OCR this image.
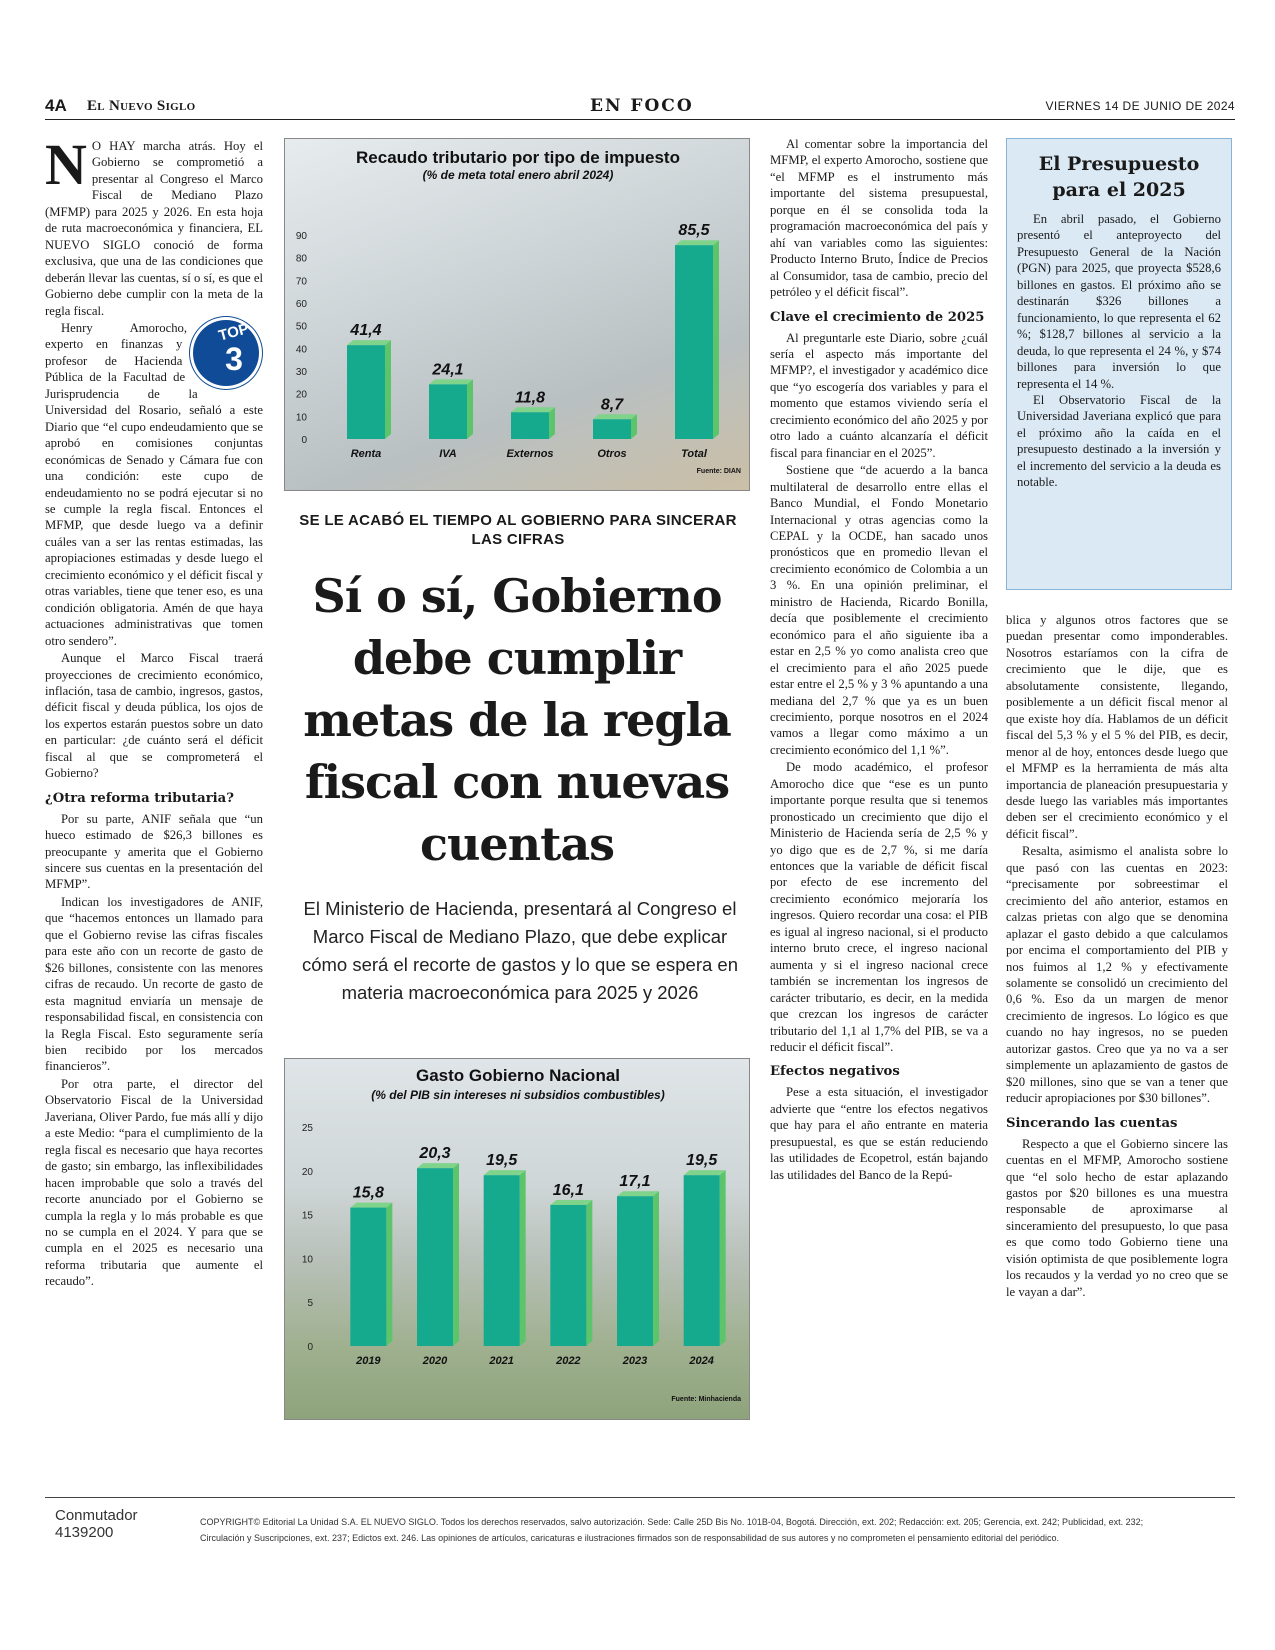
4A El Nuevo Siglo	EN FOCO	VIERNES 14 DE JUNIO DE 2024

N O HAY marcha atrás. Hoy el Gobierno se comprometió a presentar al Congreso el Marco Fiscal de Mediano Plazo (MFMP) para 2025 y 2026. En esta hoja de ruta macroeconómica y financiera, EL NUEVO SIGLO conoció de forma exclusiva, que una de las condiciones que deberán llevar las cuentas, sí o sí, es que el Gobierno debe cumplir con la meta de la regla fiscal.

TOP
3
Henry Amorocho, experto en finanzas y profesor de Hacienda Pública de la Facultad de Jurisprudencia de la Universidad del Rosario, señaló a este Diario que “el cupo endeudamiento que se aprobó en comisiones conjuntas económicas de Senado y Cámara fue con una condición: este cupo de endeudamiento no se podrá ejecutar si no se cumple la regla fiscal. Entonces el MFMP, que desde luego va a definir cuáles van a ser las rentas estimadas, las apropiaciones estimadas y desde luego el crecimiento económico y el déficit fiscal y otras variables, tiene que tener eso, es una condición obligatoria. Amén de que haya actuaciones administrativas que tomen otro sendero”.

Aunque el Marco Fiscal traerá proyecciones de crecimiento económico, inflación, tasa de cambio, ingresos, gastos, déficit fiscal y deuda pública, los ojos de los expertos estarán puestos sobre un dato en particular: ¿de cuánto será el déficit fiscal al que se comprometerá el Gobierno?

¿Otra reforma tributaria?

Por su parte, ANIF señala que “un hueco estimado de $26,3 billones es preocupante y amerita que el Gobierno sincere sus cuentas en la presentación del MFMP”.

Indican los investigadores de ANIF, que “hacemos entonces un llamado para que el Gobierno revise las cifras fiscales para este año con un recorte de gasto de $26 billones, consistente con las menores cifras de recaudo. Un recorte de gasto de esta magnitud enviaría un mensaje de responsabilidad fiscal, en consistencia con la Regla Fiscal. Esto seguramente sería bien recibido por los mercados financieros”.

Por otra parte, el director del Observatorio Fiscal de la Universidad Javeriana, Oliver Pardo, fue más allí y dijo a este Medio: “para el cumplimiento de la regla fiscal es necesario que haya recortes de gasto; sin embargo, las inflexibilidades hacen improbable que solo a través del recorte anunciado por el Gobierno se cumpla la regla y lo más probable es que no se cumpla en el 2024. Y para que se cumpla en el 2025 es necesario una reforma tributaria que aumente el recaudo”.

Recaudo tributario por tipo de impuesto
(% de meta total enero abril 2024)
0
10
20
30
40
50
60
70
80
90
41,4
Renta
24,1
IVA
11,8
Externos
8,7
Otros
85,5
Total
Fuente: DIAN
SE LE ACABÓ EL TIEMPO AL GOBIERNO PARA SINCERAR LAS CIFRAS
Sí o sí, Gobierno debe cumplir metas de la regla fiscal con nuevas cuentas
El Ministerio de Hacienda, presentará al Congreso el Marco Fiscal de Mediano Plazo, que debe explicar cómo será el recorte de gastos y lo que se espera en materia macroeconómica para 2025 y 2026
Gasto Gobierno Nacional
(% del PIB sin intereses ni subsidios combustibles)
0
5
10
15
20
25
15,8
2019
20,3
2020
19,5
2021
16,1
2022
17,1
2023
19,5
2024
Fuente: Minhacienda

Al comentar sobre la importancia del MFMP, el experto Amorocho, sostiene que “el MFMP es el instrumento más importante del sistema presupuestal, porque en él se consolida toda la programación macroeconómica del país y ahí van variables como las siguientes: Producto Interno Bruto, Índice de Precios al Consumidor, tasa de cambio, precio del petróleo y el déficit fiscal”.

Clave el crecimiento de 2025

Al preguntarle este Diario, sobre ¿cuál sería el aspecto más importante del MFMP?, el investigador y académico dice que “yo escogería dos variables y para el momento que estamos viviendo sería el crecimiento económico del año 2025 y por otro lado a cuánto alcanzaría el déficit fiscal para financiar en el 2025”.

Sostiene que “de acuerdo a la banca multilateral de desarrollo entre ellas el Banco Mundial, el Fondo Monetario Internacional y otras agencias como la CEPAL y la OCDE, han sacado unos pronósticos que en promedio llevan el crecimiento económico de Colombia a un 3 %. En una opinión preliminar, el ministro de Hacienda, Ricardo Bonilla, decía que posiblemente el crecimiento económico para el año siguiente iba a estar en 2,5 % yo como analista creo que el crecimiento para el año 2025 puede estar entre el 2,5 % y 3 % apuntando a una mediana del 2,7 % que ya es un buen crecimiento, porque nosotros en el 2024 vamos a llegar como máximo a un crecimiento económico del 1,1 %”.

De modo académico, el profesor Amorocho dice que “ese es un punto importante porque resulta que si tenemos pronosticado un crecimiento que dijo el Ministerio de Hacienda sería de 2,5 % y yo digo que es de 2,7 %, si me daría entonces que la variable de déficit fiscal por efecto de ese incremento del crecimiento económico mejoraría los ingresos. Quiero recordar una cosa: el PIB es igual al ingreso nacional, si el producto interno bruto crece, el ingreso nacional aumenta y si el ingreso nacional crece también se incrementan los ingresos de carácter tributario, es decir, en la medida que crezcan los ingresos de carácter tributario del 1,1 al 1,7% del PIB, se va a reducir el déficit fiscal”.

Efectos negativos

Pese a esta situación, el investigador advierte que “entre los efectos negativos que hay para el año entrante en materia presupuestal, es que se están reduciendo las utilidades de Ecopetrol, están bajando las utilidades del Banco de la Repú-

El Presupuesto para el 2025

En abril pasado, el Gobierno presentó el anteproyecto del Presupuesto General de la Nación (PGN) para 2025, que proyecta $528,6 billones en gastos. El próximo año se destinarán $326 billones a funcionamiento, lo que representa el 62 %; $128,7 billones al servicio a la deuda, lo que representa el 24 %, y $74 billones para inversión lo que representa el 14 %.

El Observatorio Fiscal de la Universidad Javeriana explicó que para el próximo año la caída en el presupuesto destinado a la inversión y el incremento del servicio a la deuda es notable.

blica y algunos otros factores que se puedan presentar como imponderables. Nosotros estaríamos con la cifra de crecimiento que le dije, que es absolutamente consistente, llegando, posiblemente a un déficit fiscal menor al que existe hoy día. Hablamos de un déficit fiscal del 5,3 % y el 5 % del PIB, es decir, menor al de hoy, entonces desde luego que el MFMP es la herramienta de más alta importancia de planeación presupuestaria y desde luego las variables más importantes deben ser el crecimiento económico y el déficit fiscal”.

Resalta, asimismo el analista sobre lo que pasó con las cuentas en 2023: “precisamente por sobreestimar el crecimiento del año anterior, estamos en calzas prietas con algo que se denomina aplazar el gasto debido a que calculamos por encima el comportamiento del PIB y nos fuimos al 1,2 % y efectivamente solamente se consolidó un crecimiento del 0,6 %. Eso da un margen de menor crecimiento de ingresos. Lo lógico es que cuando no hay ingresos, no se pueden autorizar gastos. Creo que ya no va a ser simplemente un aplazamiento de gastos de $20 millones, sino que se van a tener que reducir apropiaciones por $30 billones”.

Sincerando las cuentas

Respecto a que el Gobierno sincere las cuentas en el MFMP, Amorocho sostiene que “el solo hecho de estar aplazando gastos por $20 billones es una muestra responsable de aproximarse al sinceramiento del presupuesto, lo que pasa es que como todo Gobierno tiene una visión optimista de que posiblemente logra los recaudos y la verdad yo no creo que se le vayan a dar”.

Conmutador
4139200
COPYRIGHT© Editorial La Unidad S.A. EL NUEVO SIGLO. Todos los derechos reservados, salvo autorización. Sede: Calle 25D Bis No. 101B-04, Bogotá. Dirección, ext. 202; Redacción: ext. 205; Gerencia, ext. 242; Publicidad, ext. 232;
Circulación y Suscripciones, ext. 237; Edictos ext. 246. Las opiniones de artículos, caricaturas e ilustraciones firmados son de responsabilidad de sus autores y no comprometen el pensamiento editorial del periódico.
